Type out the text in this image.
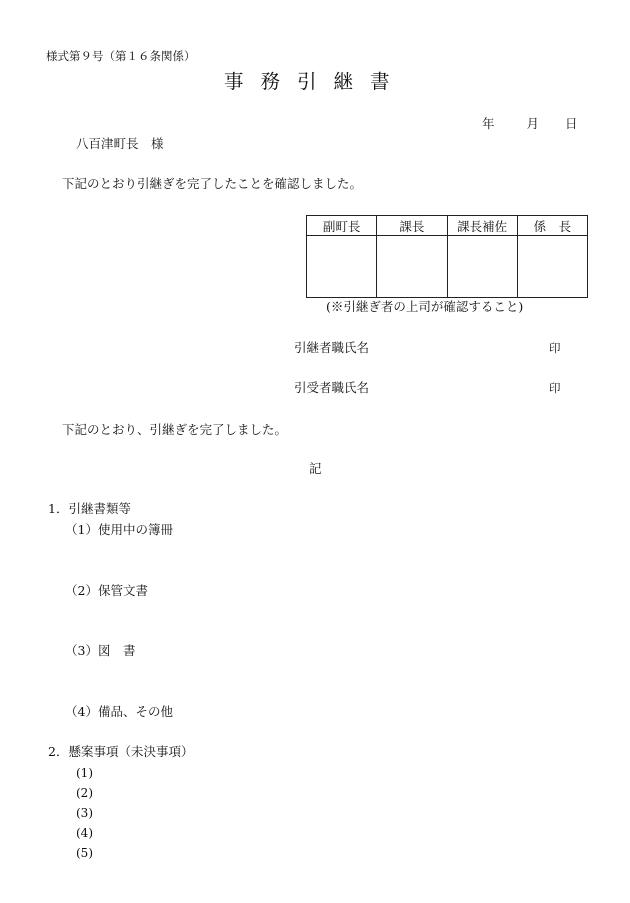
様式第９号（第１６条関係）
事務引継書
年	月 日
八百津町長　様
下記のとおり引継ぎを完了したことを確認しました。
副町長	課長	課長補佐	係　長

(※引継ぎ者の上司が確認すること)
引継者職氏名	印
引受者職氏名	印
下記のとおり、引継ぎを完了しました。
記
1．引継書類等
（1）使用中の簿冊
（2）保管文書
（3）図　書
（4）備品、その他
2．懸案事項（未決事項）
(1)
(2)
(3)
(4)
(5)
